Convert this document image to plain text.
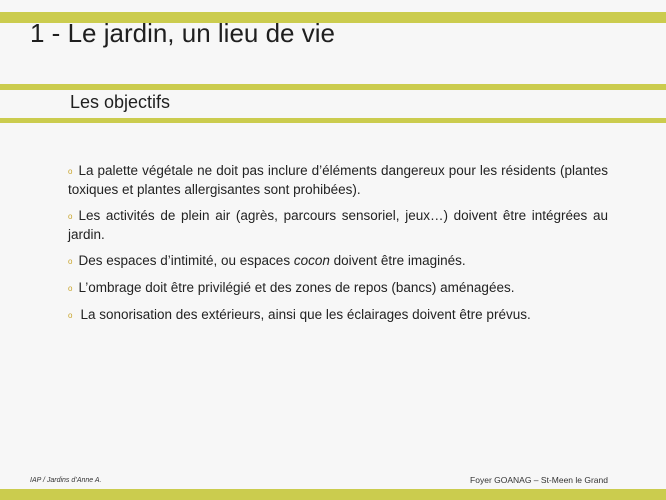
1 - Le jardin, un lieu de vie
Les objectifs

o La palette végétale ne doit pas inclure d’éléments dangereux pour les résidents (plantes toxiques et plantes allergisantes sont prohibées).

o Les activités de plein air (agrès, parcours sensoriel, jeux…) doivent être intégrées au jardin.

o Des espaces d’intimité, ou espaces cocon doivent être imaginés.

o L’ombrage doit être privilégié et des zones de repos (bancs) aménagées.

o La sonorisation des extérieurs, ainsi que les éclairages doivent être prévus.

IAP / Jardins d’Anne A.	Foyer GOANAG – St-Meen le Grand
